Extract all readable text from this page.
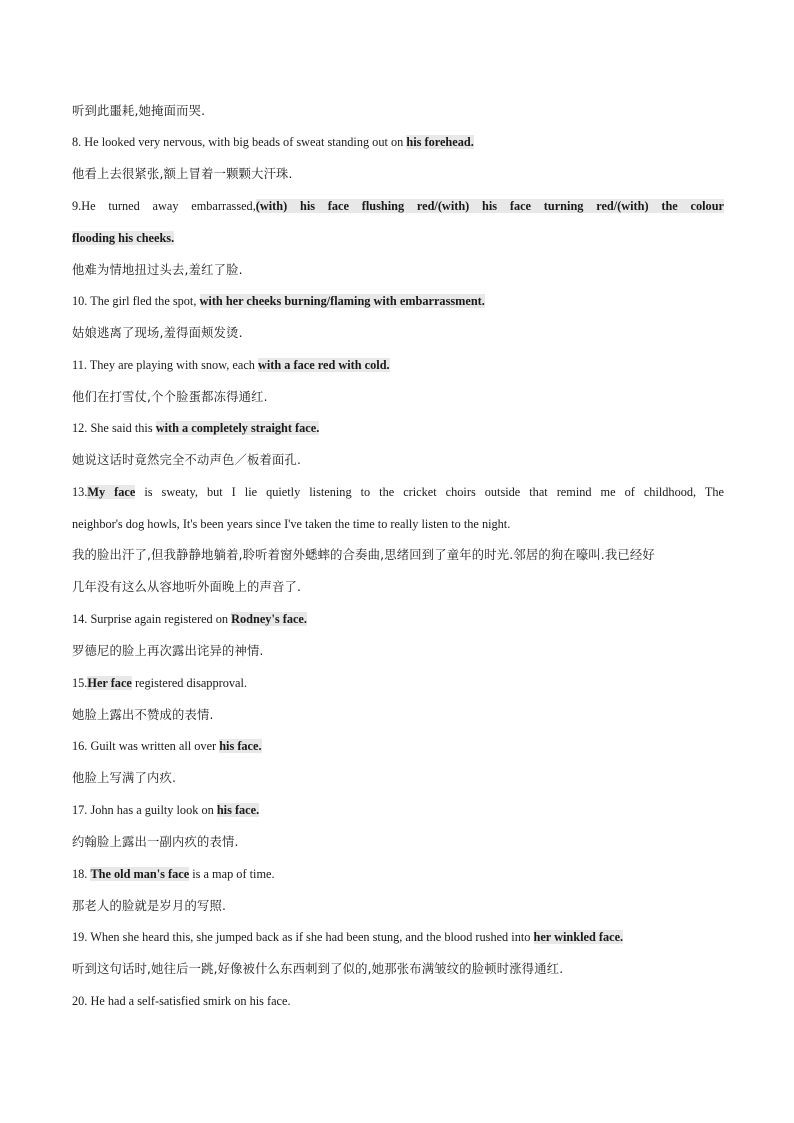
听到此噩耗,她掩面而哭.
8. He looked very nervous, with big beads of sweat standing out on his forehead.
他看上去很紧张,额上冒着一颗颗大汗珠.
9.He turned away embarrassed,(with) his face flushing red/(with) his face turning red/(with) the colour
flooding his cheeks.
他难为情地扭过头去,羞红了脸.
10. The girl fled the spot, with her cheeks burning/flaming with embarrassment.
姑娘逃离了现场,羞得面颊发烫.
11. They are playing with snow, each with a face red with cold.
他们在打雪仗,个个脸蛋都冻得通红.
12. She said this with a completely straight face.
她说这话时竟然完全不动声色／板着面孔.
13.My face is sweaty, but I lie quietly listening to the cricket choirs outside that remind me of childhood, The
neighbor's dog howls, It's been years since I've taken the time to really listen to the night.
我的脸出汗了,但我静静地躺着,聆听着窗外蟋蟀的合奏曲,思绪回到了童年的时光.邻居的狗在嚎叫.我已经好
几年没有这么从容地听外面晚上的声音了.
14. Surprise again registered on Rodney's face.
罗德尼的脸上再次露出诧异的神情.
15.Her face registered disapproval.
她脸上露出不赞成的表情.
16. Guilt was written all over his face.
他脸上写满了内疚.
17. John has a guilty look on his face.
约翰脸上露出一副内疚的表情.
18. The old man's face is a map of time.
那老人的脸就是岁月的写照.
19. When she heard this, she jumped back as if she had been stung, and the blood rushed into her winkled face.
听到这句话时,她往后一跳,好像被什么东西刺到了似的,她那张布满皱纹的脸顿时涨得通红.
20. He had a self-satisfied smirk on his face.
